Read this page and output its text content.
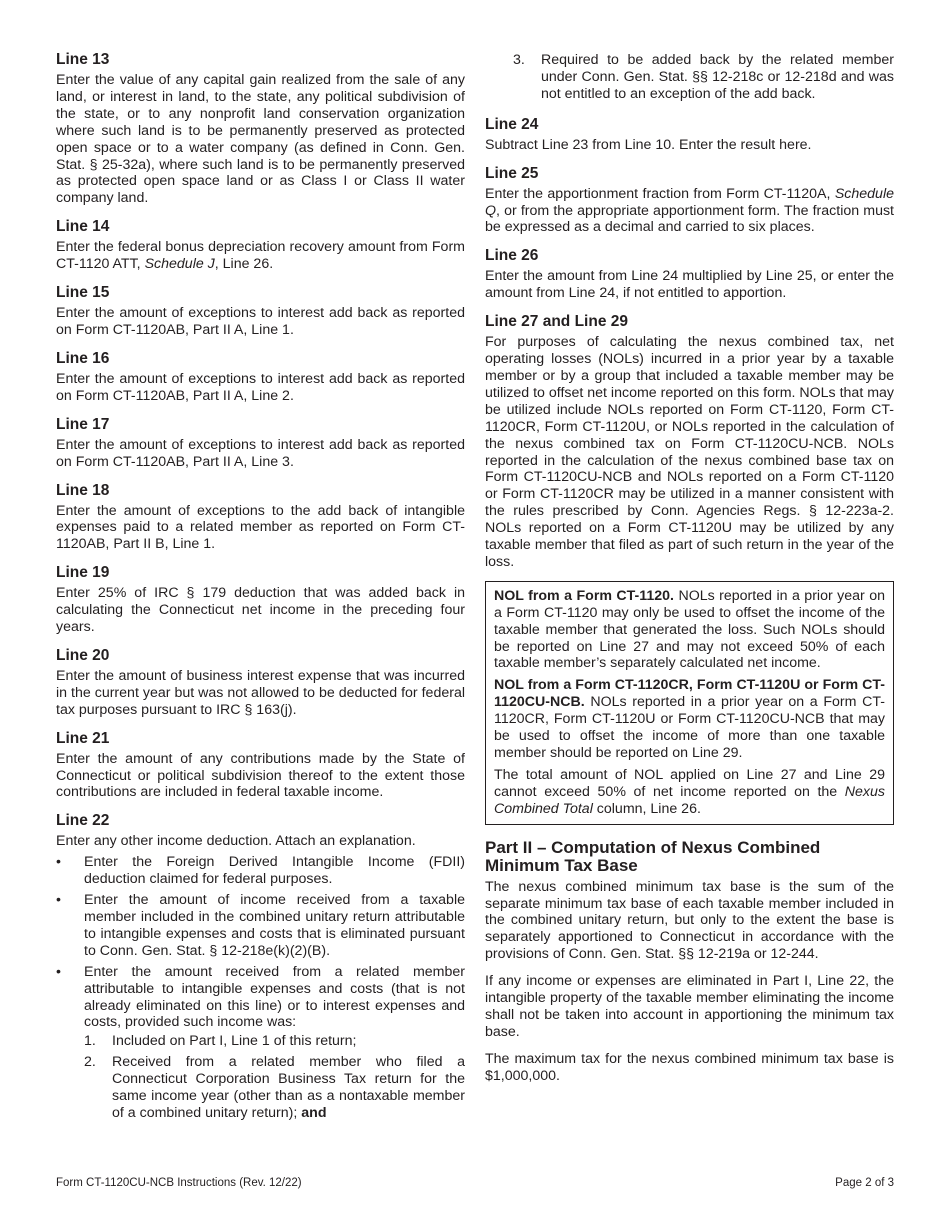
Line 13

Enter the value of any capital gain realized from the sale of any land, or interest in land, to the state, any political subdivision of the state, or to any nonprofit land conservation organization where such land is to be permanently preserved as protected open space or to a water company (as defined in Conn. Gen. Stat. § 25-32a), where such land is to be permanently preserved as protected open space land or as Class I or Class II water company land.

Line 14

Enter the federal bonus depreciation recovery amount from Form CT-1120 ATT, Schedule J, Line 26.

Line 15

Enter the amount of exceptions to interest add back as reported on Form CT-1120AB, Part II A, Line 1.

Line 16

Enter the amount of exceptions to interest add back as reported on Form CT-1120AB, Part II A, Line 2.

Line 17

Enter the amount of exceptions to interest add back as reported on Form CT-1120AB, Part II A, Line 3.

Line 18

Enter the amount of exceptions to the add back of intangible expenses paid to a related member as reported on Form CT-1120AB, Part II B, Line 1.

Line 19

Enter 25% of IRC § 179 deduction that was added back in calculating the Connecticut net income in the preceding four years.

Line 20

Enter the amount of business interest expense that was incurred in the current year but was not allowed to be deducted for federal tax purposes pursuant to IRC § 163(j).

Line 21

Enter the amount of any contributions made by the State of Connecticut or political subdivision thereof to the extent those contributions are included in federal taxable income.

Line 22

Enter any other income deduction. Attach an explanation.

• Enter the Foreign Derived Intangible Income (FDII) deduction claimed for federal purposes.
• Enter the amount of income received from a taxable member included in the combined unitary return attributable to intangible expenses and costs that is eliminated pursuant to Conn. Gen. Stat. § 12-218e(k)(2)(B).
• Enter the amount received from a related member attributable to intangible expenses and costs (that is not already eliminated on this line) or to interest expenses and costs, provided such income was:
1. Included on Part I, Line 1 of this return;
2. Received from a related member who filed a Connecticut Corporation Business Tax return for the same income year (other than as a nontaxable member of a combined unitary return); and
3. Required to be added back by the related member under Conn. Gen. Stat. §§ 12-218c or 12-218d and was not entitled to an exception of the add back.
Line 24

Subtract Line 23 from Line 10. Enter the result here.

Line 25

Enter the apportionment fraction from Form CT-1120A, Schedule Q, or from the appropriate apportionment form. The fraction must be expressed as a decimal and carried to six places.

Line 26

Enter the amount from Line 24 multiplied by Line 25, or enter the amount from Line 24, if not entitled to apportion.

Line 27 and Line 29

For purposes of calculating the nexus combined tax, net operating losses (NOLs) incurred in a prior year by a taxable member or by a group that included a taxable member may be utilized to offset net income reported on this form. NOLs that may be utilized include NOLs reported on Form CT-1120, Form CT-1120CR, Form CT-1120U, or NOLs reported in the calculation of the nexus combined tax on Form CT-1120CU-NCB. NOLs reported in the calculation of the nexus combined base tax on Form CT-1120CU-NCB and NOLs reported on a Form CT-1120 or Form CT-1120CR may be utilized in a manner consistent with the rules prescribed by Conn. Agencies Regs. § 12-223a-2. NOLs reported on a Form CT-1120U may be utilized by any taxable member that filed as part of such return in the year of the loss.

NOL from a Form CT-1120. NOLs reported in a prior year on a Form CT-1120 may only be used to offset the income of the taxable member that generated the loss. Such NOLs should be reported on Line 27 and may not exceed 50% of each taxable member’s separately calculated net income.

NOL from a Form CT-1120CR, Form CT-1120U or Form CT-1120CU-NCB. NOLs reported in a prior year on a Form CT-1120CR, Form CT-1120U or Form CT-1120CU-NCB that may be used to offset the income of more than one taxable member should be reported on Line 29.

The total amount of NOL applied on Line 27 and Line 29 cannot exceed 50% of net income reported on the Nexus Combined Total column, Line 26.

Part II – Computation of Nexus Combined
Minimum Tax Base

The nexus combined minimum tax base is the sum of the separate minimum tax base of each taxable member included in the combined unitary return, but only to the extent the base is separately apportioned to Connecticut in accordance with the provisions of Conn. Gen. Stat. §§ 12-219a or 12-244.

If any income or expenses are eliminated in Part I, Line 22, the intangible property of the taxable member eliminating the income shall not be taken into account in apportioning the minimum tax base.

The maximum tax for the nexus combined minimum tax base is $1,000,000.

Form CT-1120CU-NCB Instructions (Rev. 12/22)	Page 2 of 3
